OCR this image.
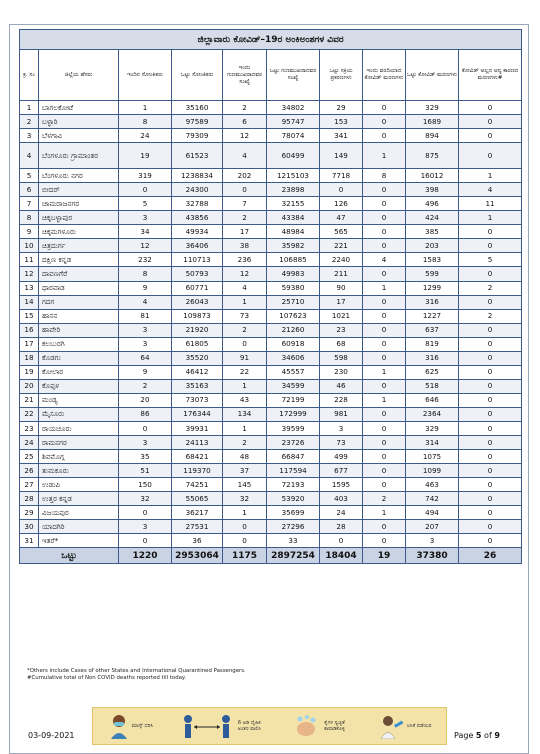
ಜಿಲ್ಲಾವಾರು ಕೋವಿಡ್–19ರ ಅಂಕಿಅಂಶಗಳ ವಿವರ									
ಕ್ರ. ಸಂ	ಜಿಲ್ಲೆಯ ಹೆಸರು	ಇಂದಿನ ಸೋಂಕಿತರು	ಒಟ್ಟು ಸೋಂಕಿತರು	ಇಂದು ಗುಣಮುಖರಾದವರ ಸಂಖ್ಯೆ	ಒಟ್ಟು ಗುಣಮುಖರಾದವರ ಸಂಖ್ಯೆ	ಒಟ್ಟು ಸಕ್ರಿಯ ಪ್ರಕರಣಗಳು	ಇಂದು ವರದಿಯಾದ ಕೋವಿಡ್ ಮರಣಗಳು	ಒಟ್ಟು ಕೋವಿಡ್ ಮರಣಗಳು	ಕೋವಿಡ್ ಅಲ್ಲದ ಅನ್ಯ ಕಾರಣದ ಮರಣಗಳು#
1	ಬಾಗಲಕೋಟೆ	1	35160	2	34802	29	0	329	0
2	ಬಳ್ಳಾರಿ	8	97589	6	95747	153	0	1689	0
3	ಬೆಳಗಾವಿ	24	79309	12	78074	341	0	894	0
4	ಬೆಂಗಳೂರು ಗ್ರಾಮಾಂತರ	19	61523	4	60499	149	1	875	0
5	ಬೆಂಗಳೂರು ನಗರ	319	1238834	202	1215103	7718	8	16012	1
6	ಬೀದರ್	0	24300	0	23898	0	0	398	4
7	ಚಾಮರಾಜನಗರ	5	32788	7	32155	126	0	496	11
8	ಚಿಕ್ಕಬಳ್ಳಾಪುರ	3	43856	2	43384	47	0	424	1
9	ಚಿಕ್ಕಮಗಳೂರು	34	49934	17	48984	565	0	385	0
10	ಚಿತ್ರದುರ್ಗ	12	36406	38	35982	221	0	203	0
11	ದಕ್ಷಿಣ ಕನ್ನಡ	232	110713	236	106885	2240	4	1583	5
12	ದಾವಣಗೆರೆ	8	50793	12	49983	211	0	599	0
13	ಧಾರವಾಡ	9	60771	4	59380	90	1	1299	2
14	ಗದಗ	4	26043	1	25710	17	0	316	0
15	ಹಾಸನ	81	109873	73	107623	1021	0	1227	2
16	ಹಾವೇರಿ	3	21920	2	21260	23	0	637	0
17	ಕಲಬುರಗಿ	3	61805	0	60918	68	0	819	0
18	ಕೊಡಗು	64	35520	91	34606	598	0	316	0
19	ಕೋಲಾರ	9	46412	22	45557	230	1	625	0
20	ಕೊಪ್ಪಳ	2	35163	1	34599	46	0	518	0
21	ಮಂಡ್ಯ	20	73073	43	72199	228	1	646	0
22	ಮೈಸೂರು	86	176344	134	172999	981	0	2364	0
23	ರಾಯಚೂರು	0	39931	1	39599	3	0	329	0
24	ರಾಮನಗರ	3	24113	2	23726	73	0	314	0
25	ಶಿವಮೊಗ್ಗ	35	68421	48	66847	499	0	1075	0
26	ತುಮಕೂರು	51	119370	37	117594	677	0	1099	0
27	ಉಡುಪಿ	150	74251	145	72193	1595	0	463	0
28	ಉತ್ತರ ಕನ್ನಡ	32	55065	32	53920	403	2	742	0
29	ವಿಜಯಪುರ	0	36217	1	35699	24	1	494	0
30	ಯಾದಗಿರಿ	3	27531	0	27296	28	0	207	0
31	ಇತರೆ*	0	36	0	33	0	0	3	0
ಒಟ್ಟು		1220	2953064	1175	2897254	18404	19	37380	26
*Others include Cases of other States and International Quarantined Passengers.
#Cumulative total of Non COVID deaths reported till today.
ಮಾಸ್ಕ್ ಧರಿಸಿ	6 ಅಡಿ ದೈಹಿಕ ಅಂತರ ಪಾಲಿಸಿ
ಕೈಗಳ ಸ್ವಚ್ಛತೆ ಕಾಪಾಡಿಕೊಳ್ಳಿ	ಲಸಿಕೆ ಪಡೆಯಿರಿ
03-09-2021	Page 5 of 9
